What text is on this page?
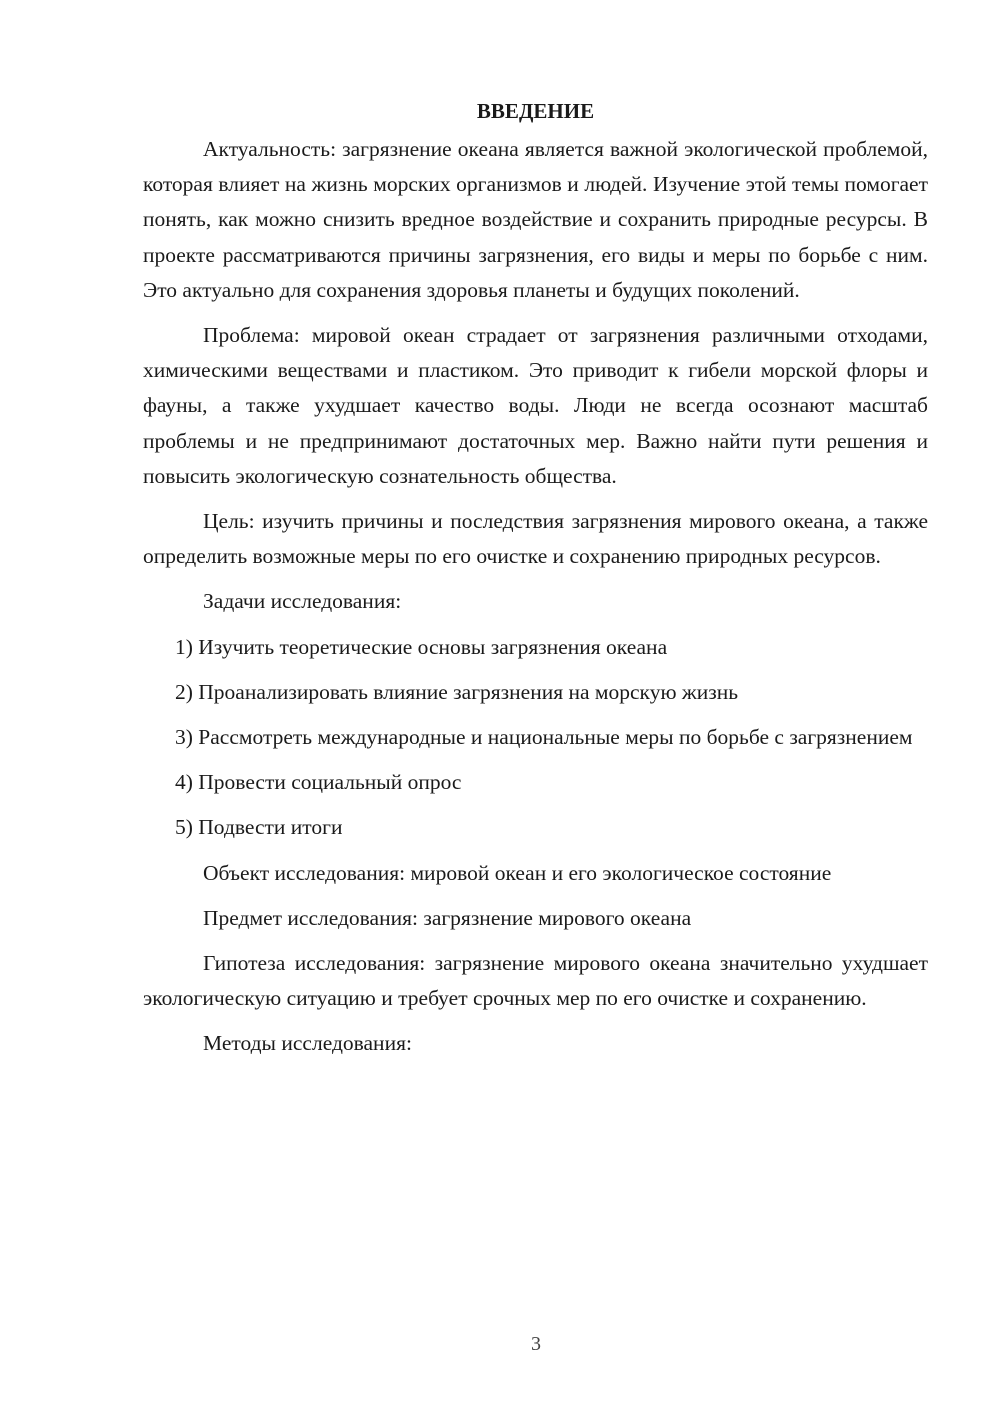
ВВЕДЕНИЕ

Актуальность: загрязнение океана является важной экологической проблемой, которая влияет на жизнь морских организмов и людей. Изучение этой темы помогает понять, как можно снизить вредное воздействие и сохранить природные ресурсы. В проекте рассматриваются причины загрязнения, его виды и меры по борьбе с ним. Это актуально для сохранения здоровья планеты и будущих поколений.

Проблема: мировой океан страдает от загрязнения различными отходами, химическими веществами и пластиком. Это приводит к гибели морской флоры и фауны, а также ухудшает качество воды. Люди не всегда осознают масштаб проблемы и не предпринимают достаточных мер. Важно найти пути решения и повысить экологическую сознательность общества.

Цель: изучить причины и последствия загрязнения мирового океана, а также определить возможные меры по его очистке и сохранению природных ресурсов.

Задачи исследования:

1) Изучить теоретические основы загрязнения океана

2) Проанализировать влияние загрязнения на морскую жизнь

3) Рассмотреть международные и национальные меры по борьбе с загрязнением

4) Провести социальный опрос

5) Подвести итоги

Объект исследования: мировой океан и его экологическое состояние

Предмет исследования: загрязнение мирового океана

Гипотеза исследования: загрязнение мирового океана значительно ухудшает экологическую ситуацию и требует срочных мер по его очистке и сохранению.

Методы исследования:

3
